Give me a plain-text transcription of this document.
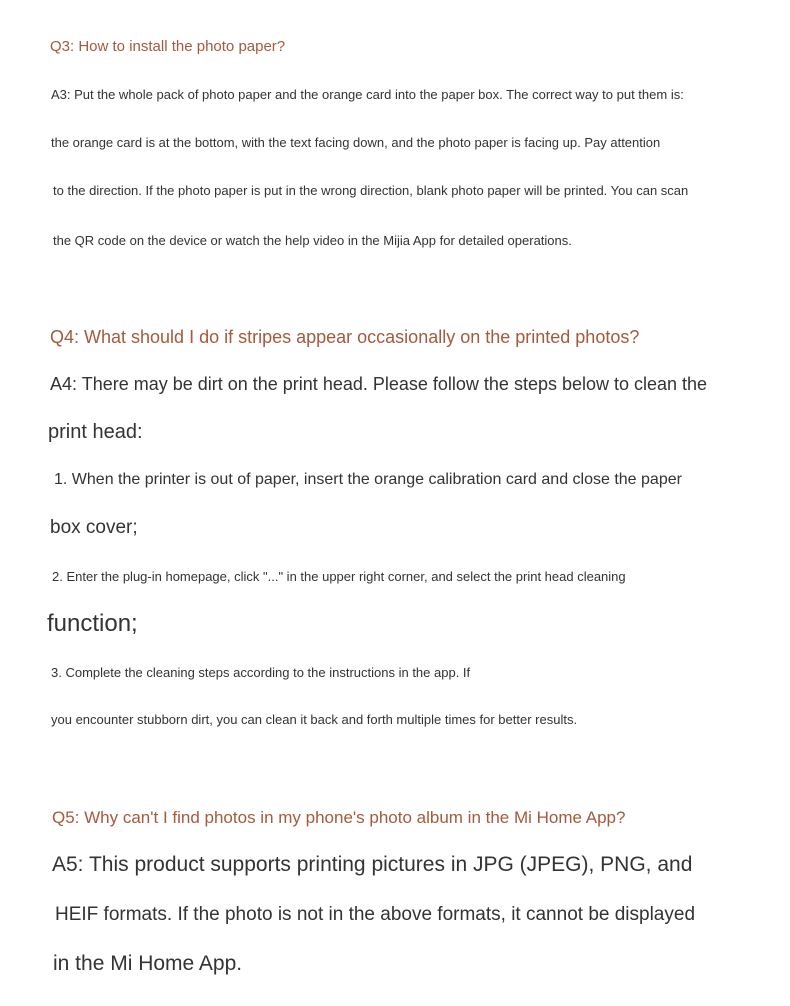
Q3: How to install the photo paper?
A3: Put the whole pack of photo paper and the orange card into the paper box. The correct way to put them is:
the orange card is at the bottom, with the text facing down, and the photo paper is facing up. Pay attention
to the direction. If the photo paper is put in the wrong direction, blank photo paper will be printed. You can scan
the QR code on the device or watch the help video in the Mijia App for detailed operations.
Q4: What should I do if stripes appear occasionally on the printed photos?
A4: There may be dirt on the print head. Please follow the steps below to clean the
print head:
1. When the printer is out of paper, insert the orange calibration card and close the paper
box cover;
2. Enter the plug-in homepage, click "..." in the upper right corner, and select the print head cleaning
function;
3. Complete the cleaning steps according to the instructions in the app. If
you encounter stubborn dirt, you can clean it back and forth multiple times for better results.
Q5: Why can't I find photos in my phone's photo album in the Mi Home App?
A5: This product supports printing pictures in JPG (JPEG), PNG, and
HEIF formats. If the photo is not in the above formats, it cannot be displayed
in the Mi Home App.
